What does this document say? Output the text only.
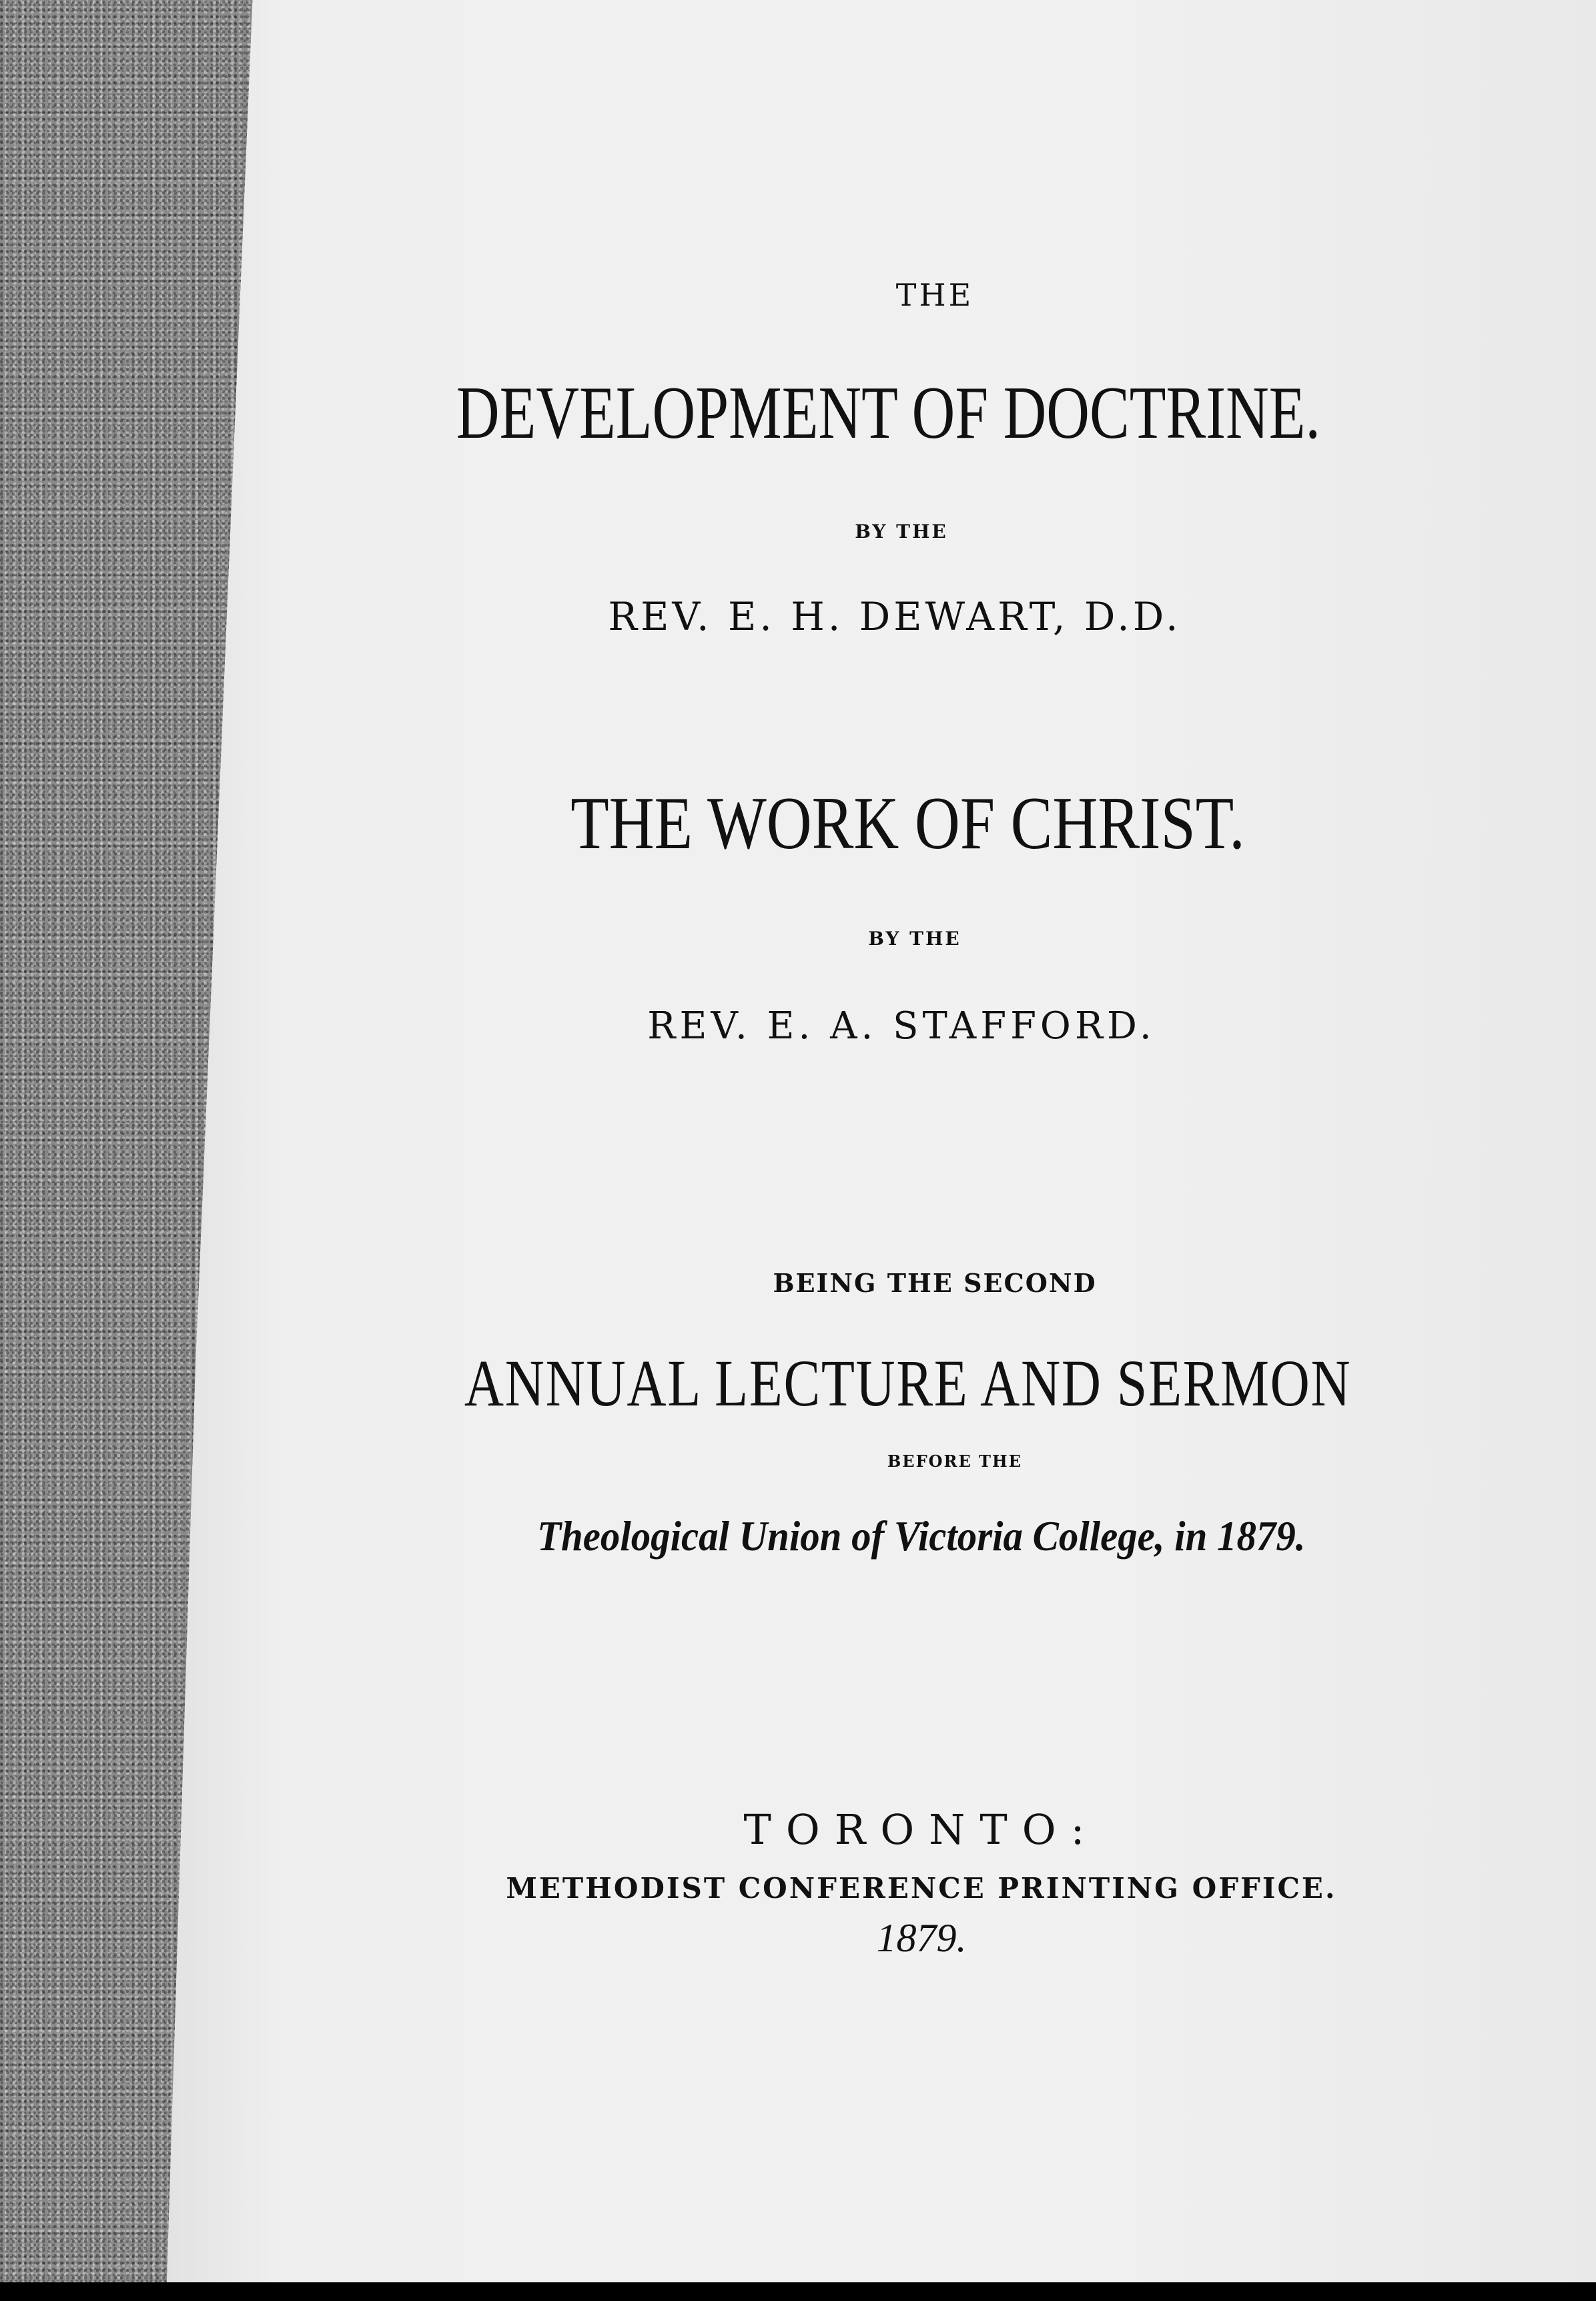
THE
DEVELOPMENT OF DOCTRINE.
BY THE
REV. E. H. DEWART, D.D.
THE WORK OF CHRIST.
BY THE
REV. E. A. STAFFORD.
BEING THE SECOND
ANNUAL LECTURE AND SERMON
BEFORE THE
Theological Union of Victoria College, in 1879.
TORONTO:
METHODIST CONFERENCE PRINTING OFFICE.
1879.
